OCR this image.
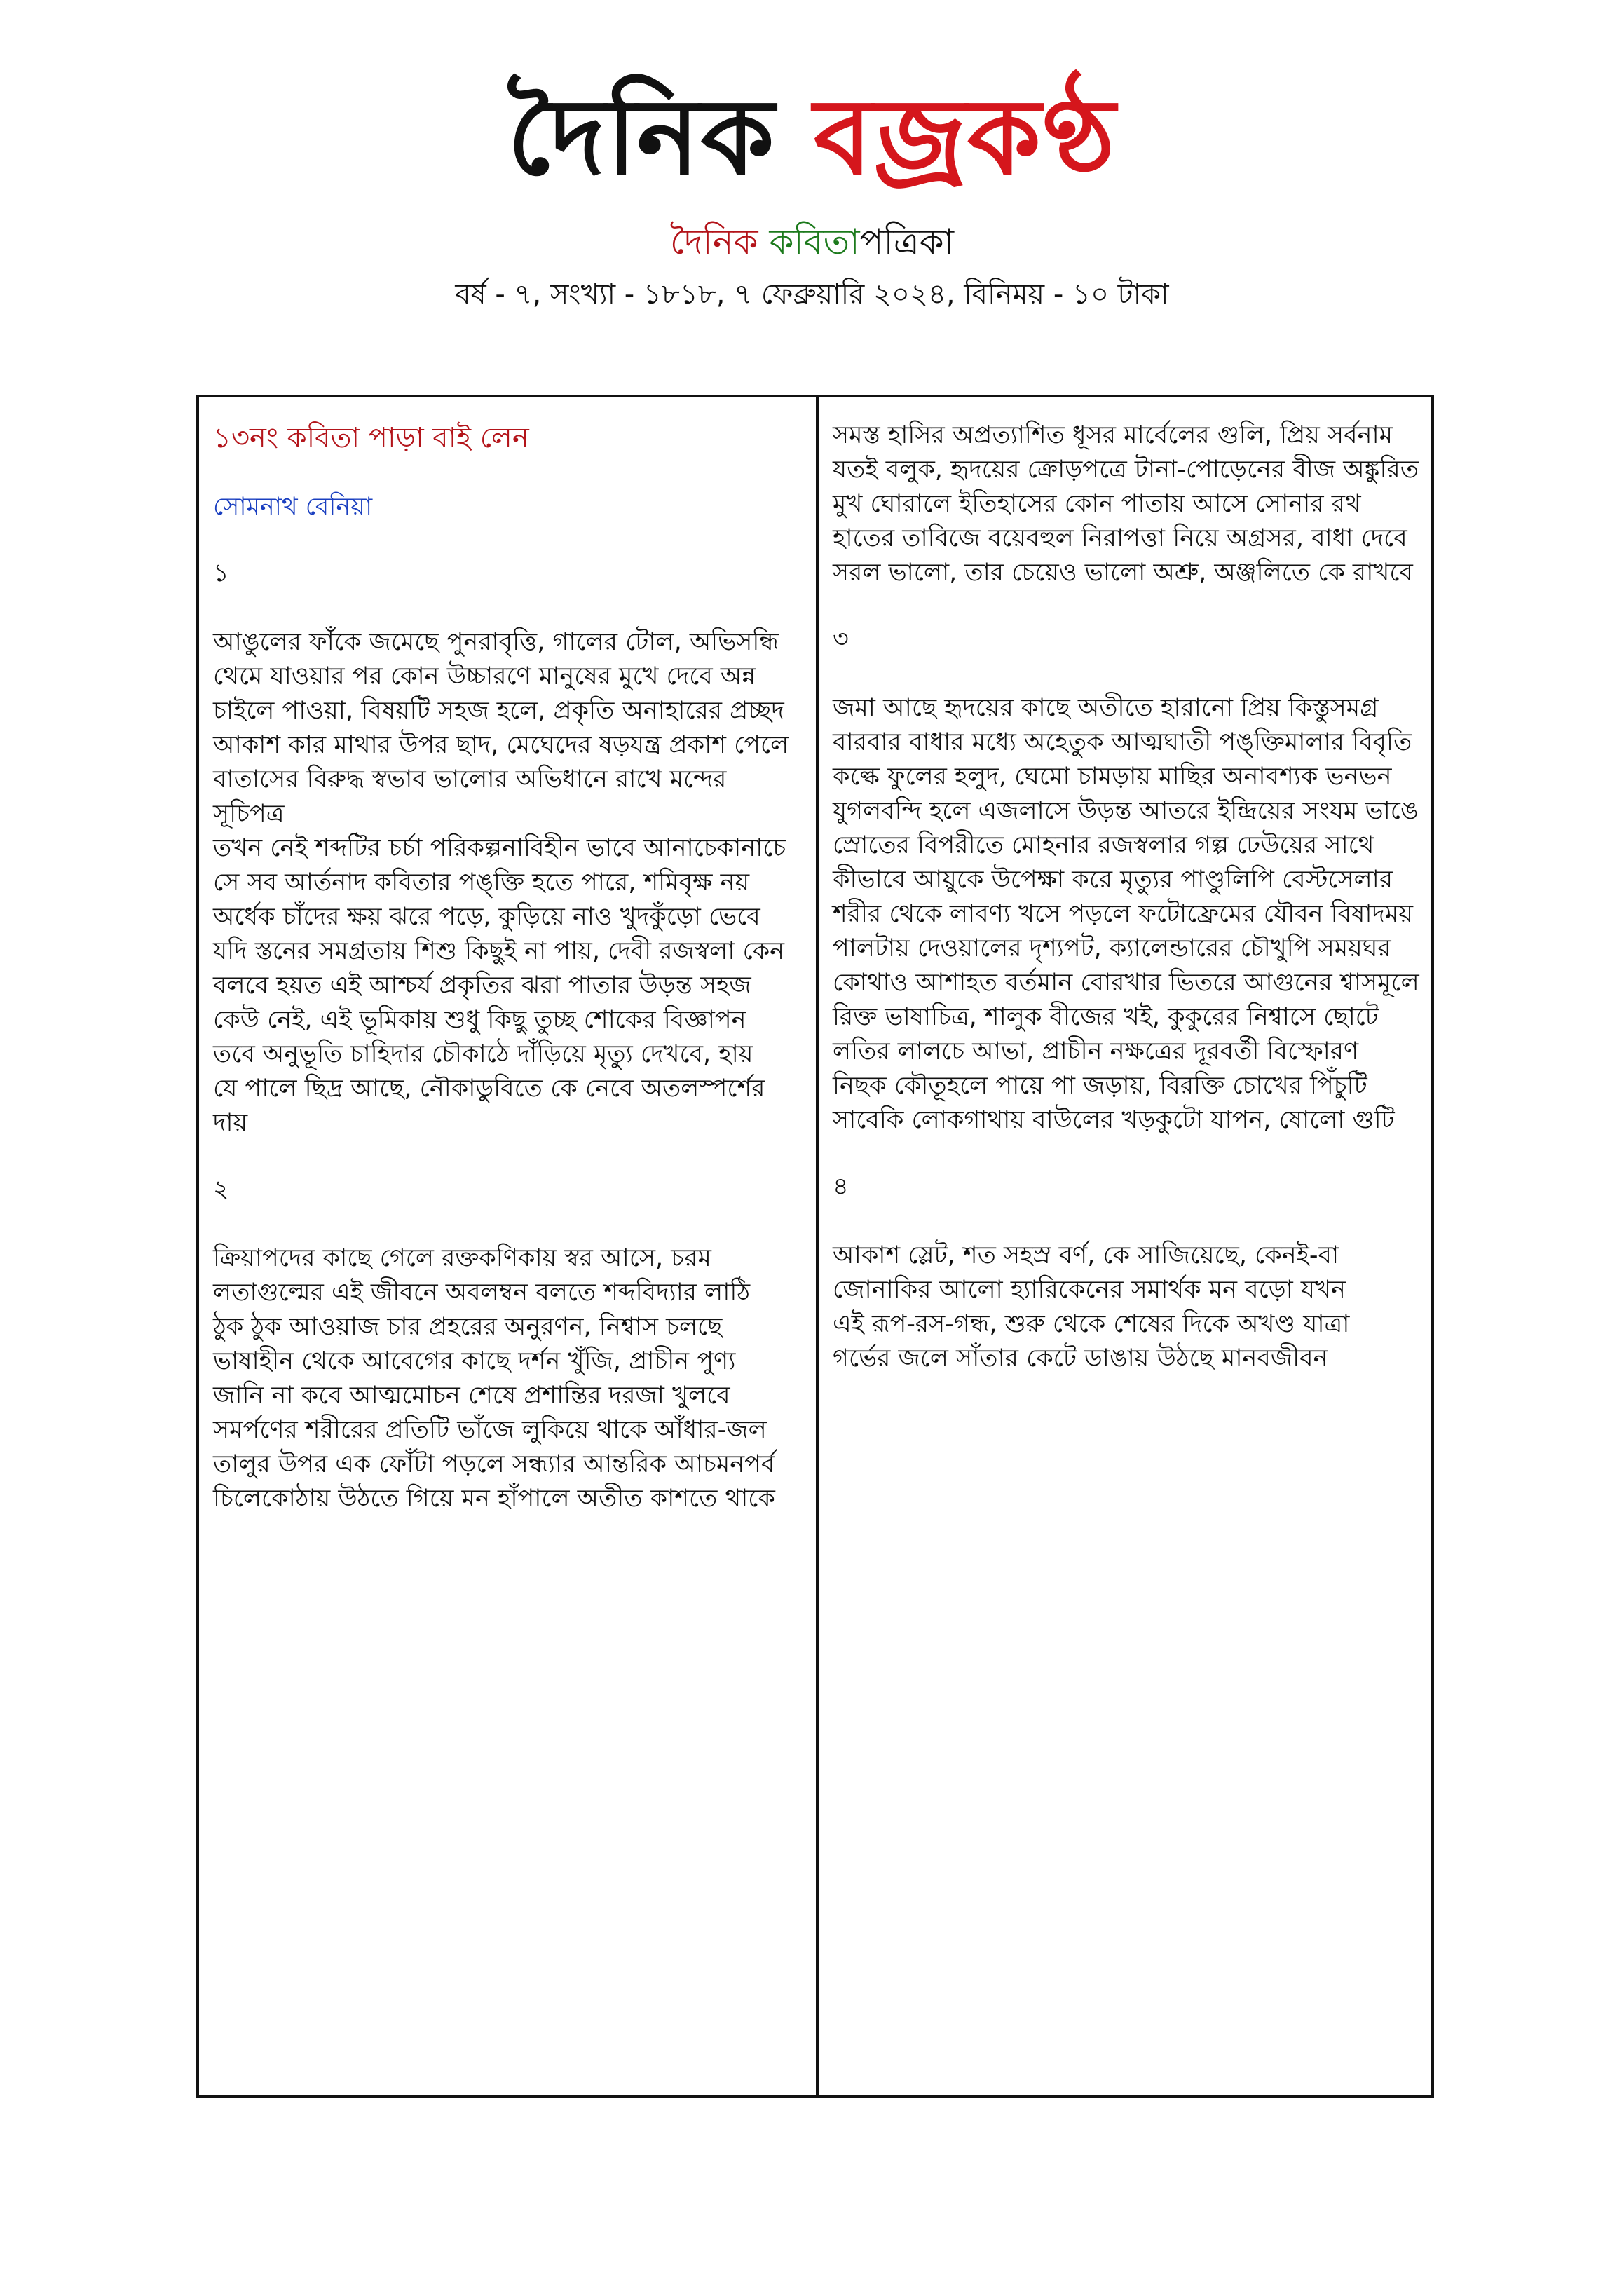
দৈনিক বজ্রকণ্ঠ
দৈনিক কবিতাপত্রিকা
বর্ষ - ৭, সংখ্যা - ১৮১৮, ৭ ফেব্রুয়ারি ২০২৪, বিনিময় - ১০ টাকা
১৩নং কবিতা পাড়া বাই লেন
সোমনাথ বেনিয়া
১
আঙুলের ফাঁকে জমেছে পুনরাবৃত্তি, গালের টোল, অভিসন্ধি
থেমে যাওয়ার পর কোন উচ্চারণে মানুষের মুখে দেবে অন্ন
চাইলে পাওয়া, বিষয়টি সহজ হলে, প্রকৃতি অনাহারের প্রচ্ছদ
আকাশ কার মাথার উপর ছাদ, মেঘেদের ষড়যন্ত্র প্রকাশ পেলে
বাতাসের বিরুদ্ধ স্বভাব ভালোর অভিধানে রাখে মন্দের সূচিপত্র
তখন নেই শব্দটির চর্চা পরিকল্পনাবিহীন ভাবে আনাচেকানাচে
সে সব আর্তনাদ কবিতার পঙ্‌ক্তি হতে পারে, শমিবৃক্ষ নয়
অর্ধেক চাঁদের ক্ষয় ঝরে পড়ে, কুড়িয়ে নাও খুদকুঁড়ো ভেবে
যদি স্তনের সমগ্রতায় শিশু কিছুই না পায়, দেবী রজস্বলা কেন
বলবে হয়ত এই আশ্চর্য প্রকৃতির ঝরা পাতার উড়ন্ত সহজ
কেউ নেই, এই ভূমিকায় শুধু কিছু তুচ্ছ শোকের বিজ্ঞাপন
তবে অনুভূতি চাহিদার চৌকাঠে দাঁড়িয়ে মৃত্যু দেখবে, হায়
যে পালে ছিদ্র আছে, নৌকাডুবিতে কে নেবে অতলস্পর্শের দায়
২
ক্রিয়াপদের কাছে গেলে রক্তকণিকায় স্বর আসে, চরম লতাগুল্মের এই জীবনে অবলম্বন বলতে শব্দবিদ্যার লাঠি
ঠুক ঠুক আওয়াজ চার প্রহরের অনুরণন, নিশ্বাস চলছে
ভাষাহীন থেকে আবেগের কাছে দর্শন খুঁজি, প্রাচীন পুণ্য
জানি না কবে আত্মমোচন শেষে প্রশান্তির দরজা খুলবে
সমর্পণের শরীরের প্রতিটি ভাঁজে লুকিয়ে থাকে আঁধার-জল
তালুর উপর এক ফোঁটা পড়লে সন্ধ্যার আন্তরিক আচমনপর্ব
চিলেকোঠায় উঠতে গিয়ে মন হাঁপালে অতীত কাশতে থাকে
সমস্ত হাসির অপ্রত্যাশিত ধূসর মার্বেলের গুলি, প্রিয় সর্বনাম
যতই বলুক, হৃদয়ের ক্রোড়পত্রে টানা-পোড়েনের বীজ অঙ্কুরিত
মুখ ঘোরালে ইতিহাসের কোন পাতায় আসে সোনার রথ
হাতের তাবিজে বয়েবহুল নিরাপত্তা নিয়ে অগ্রসর, বাধা দেবে
সরল ভালো, তার চেয়েও ভালো অশ্রু, অঞ্জলিতে কে রাখবে
৩
জমা আছে হৃদয়ের কাছে অতীতে হারানো প্রিয় কিস্তুসমগ্র
বারবার বাধার মধ্যে অহেতুক আত্মঘাতী পঙ্‌ক্তিমালার বিবৃতি
কল্কে ফুলের হলুদ, ঘেমো চামড়ায় মাছির অনাবশ্যক ভনভন
যুগলবন্দি হলে এজলাসে উড়ন্ত আতরে ইন্দ্রিয়ের সংযম ভাঙে
স্রোতের বিপরীতে মোহনার রজস্বলার গল্প ঢেউয়ের সাথে
কীভাবে আয়ুকে উপেক্ষা করে মৃত্যুর পাণ্ডুলিপি বেস্টসেলার
শরীর থেকে লাবণ্য খসে পড়লে ফটোফ্রেমের যৌবন বিষাদময়
পালটায় দেওয়ালের দৃশ্যপট, ক্যালেন্ডারের চৌখুপি সময়ঘর
কোথাও আশাহত বর্তমান বোরখার ভিতরে আগুনের শ্বাসমূলে
রিক্ত ভাষাচিত্র, শালুক বীজের খই, কুকুরের নিশ্বাসে ছোটে
লতির লালচে আভা, প্রাচীন নক্ষত্রের দূরবর্তী বিস্ফোরণ
নিছক কৌতূহলে পায়ে পা জড়ায়, বিরক্তি চোখের পিঁচুটি
সাবেকি লোকগাথায় বাউলের খড়কুটো যাপন, ষোলো গুটি
৪
আকাশ স্লেট, শত সহস্র বর্ণ, কে সাজিয়েছে, কেনই-বা জোনাকির আলো হ্যারিকেনের সমার্থক মন বড়ো যখন
এই রূপ-রস-গন্ধ, শুরু থেকে শেষের দিকে অখণ্ড যাত্রা
গর্ভের জলে সাঁতার কেটে ডাঙায় উঠছে মানবজীবন
